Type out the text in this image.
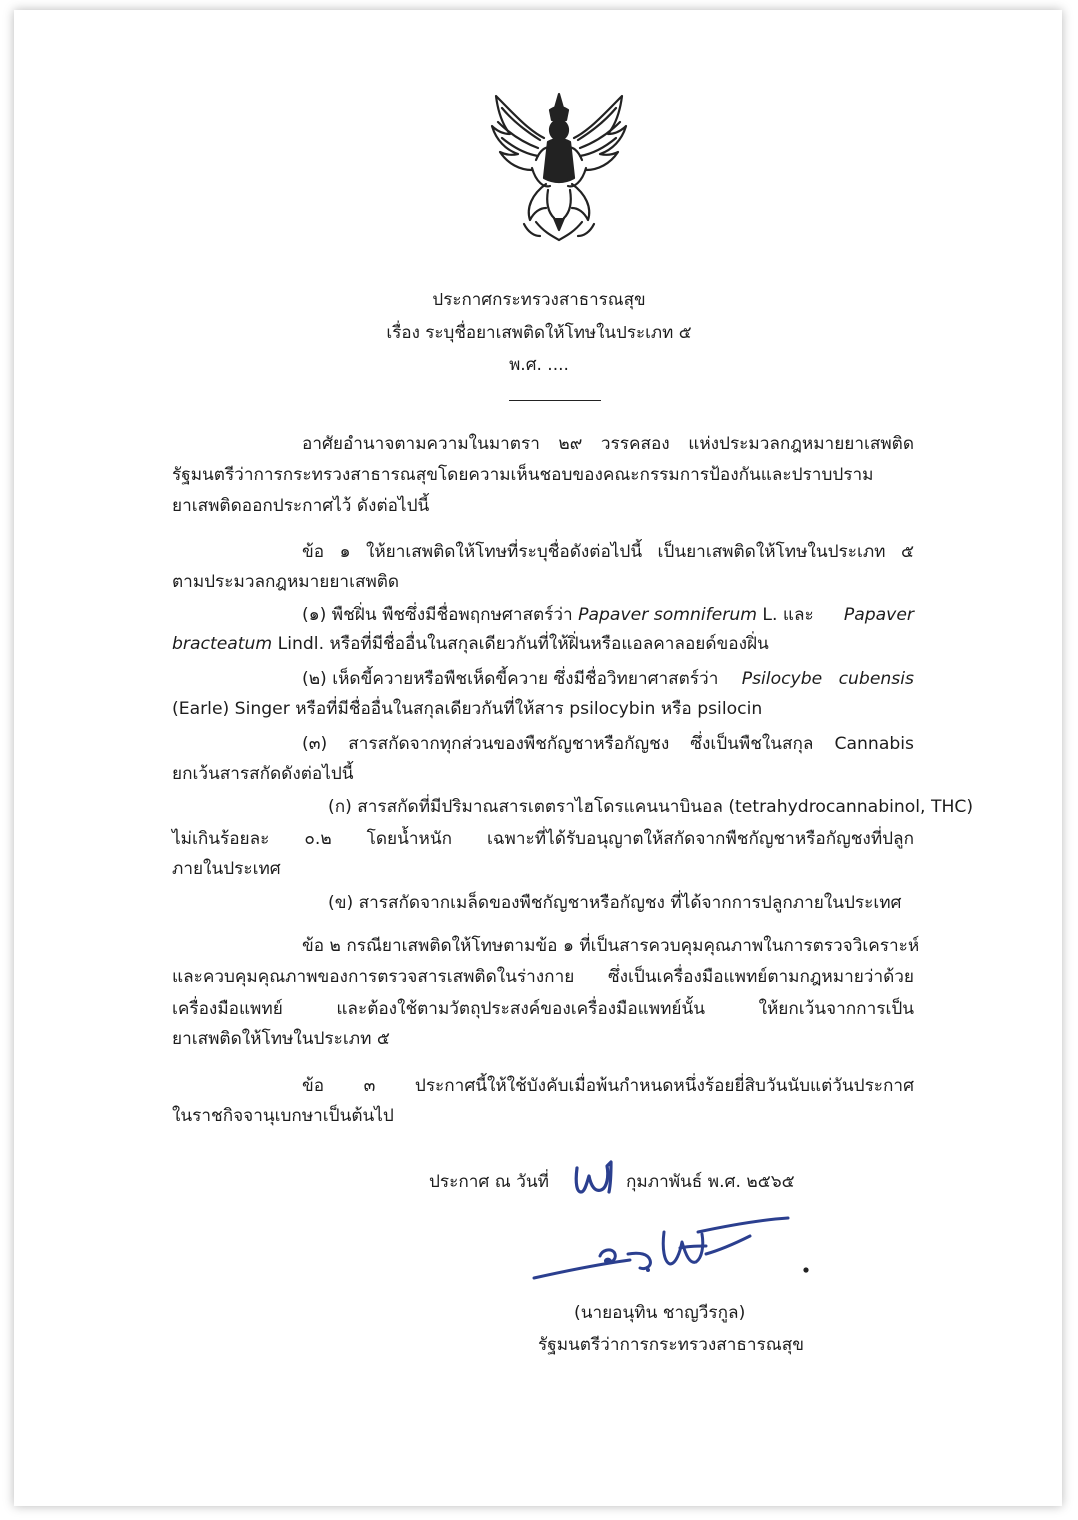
ประกาศกระทรวงสาธารณสุข
เรื่อง ระบุชื่อยาเสพติดให้โทษในประเภท ๕
พ.ศ. ....
อาศัยอำนาจตามความในมาตรา ๒๙ วรรคสอง แห่งประมวลกฎหมายยาเสพติด
รัฐมนตรีว่าการกระทรวงสาธารณสุขโดยความเห็นชอบของคณะกรรมการป้องกันและปราบปราม
ยาเสพติดออกประกาศไว้ ดังต่อไปนี้
ข้อ ๑ ให้ยาเสพติดให้โทษที่ระบุชื่อดังต่อไปนี้ เป็นยาเสพติดให้โทษในประเภท ๕
ตามประมวลกฎหมายยาเสพติด
(๑) พืชฝิ่น พืชซึ่งมีชื่อพฤกษศาสตร์ว่า Papaver somniferum L. และ Papaver
bracteatum Lindl. หรือที่มีชื่ออื่นในสกุลเดียวกันที่ให้ฝิ่นหรือแอลคาลอยด์ของฝิ่น
(๒) เห็ดขี้ควายหรือพืชเห็ดขี้ควาย ซึ่งมีชื่อวิทยาศาสตร์ว่า Psilocybe   cubensis
(Earle) Singer หรือที่มีชื่ออื่นในสกุลเดียวกันที่ให้สาร psilocybin หรือ psilocin
(๓) สารสกัดจากทุกส่วนของพืชกัญชาหรือกัญชง ซึ่งเป็นพืชในสกุล Cannabis
ยกเว้นสารสกัดดังต่อไปนี้
(ก) สารสกัดที่มีปริมาณสารเตตราไฮโดรแคนนาบินอล (tetrahydrocannabinol, THC)
ไม่เกินร้อยละ ๐.๒ โดยน้ำหนัก เฉพาะที่ได้รับอนุญาตให้สกัดจากพืชกัญชาหรือกัญชงที่ปลูก
ภายในประเทศ
(ข) สารสกัดจากเมล็ดของพืชกัญชาหรือกัญชง ที่ได้จากการปลูกภายในประเทศ
ข้อ ๒ กรณียาเสพติดให้โทษตามข้อ ๑ ที่เป็นสารควบคุมคุณภาพในการตรวจวิเคราะห์
และควบคุมคุณภาพของการตรวจสารเสพติดในร่างกาย ซึ่งเป็นเครื่องมือแพทย์ตามกฎหมายว่าด้วย
เครื่องมือแพทย์ และต้องใช้ตามวัตถุประสงค์ของเครื่องมือแพทย์นั้น ให้ยกเว้นจากการเป็น
ยาเสพติดให้โทษในประเภท ๕
ข้อ ๓ ประกาศนี้ให้ใช้บังคับเมื่อพ้นกำหนดหนึ่งร้อยยี่สิบวันนับแต่วันประกาศ
ในราชกิจจานุเบกษาเป็นต้นไป
ประกาศ ณ วันที่	กุมภาพันธ์ พ.ศ. ๒๕๖๕
(นายอนุทิน ชาญวีรกูล)
รัฐมนตรีว่าการกระทรวงสาธารณสุข
